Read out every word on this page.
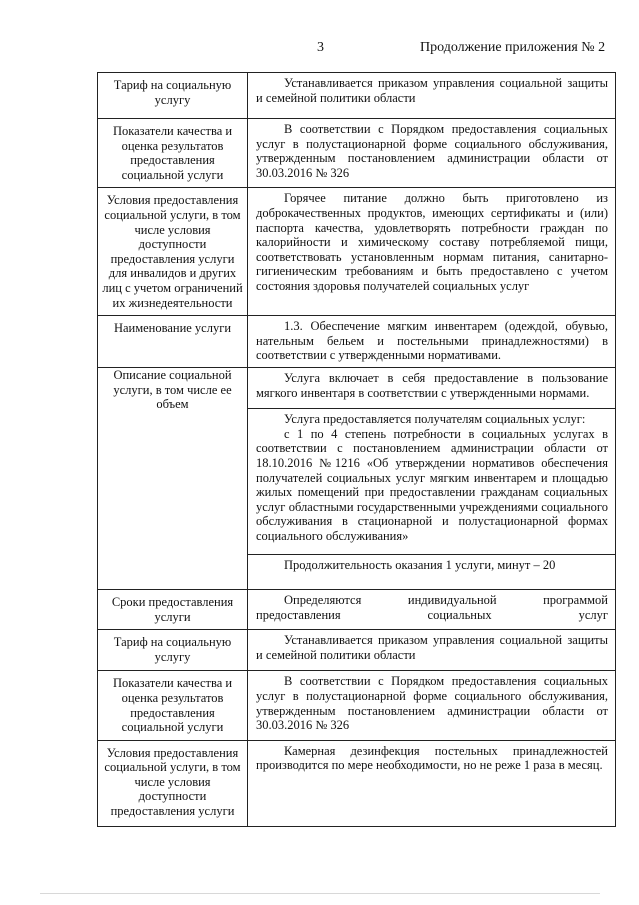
3	Продолжение приложения № 2
Тариф на социальную услугу	Устанавливается приказом управления социальной защиты и семейной политики области

Показатели качества и оценка результатов предоставления социальной услуги	В соответствии с Порядком предоставления социальных услуг в полустационарной форме социального обслуживания, утвержденным постановлением администрации области от 30.03.2016 № 326

Условия предоставления социальной услуги, в том числе условия доступности предоставления услуги для инвалидов и других лиц с учетом ограничений их жизнедеятельности	Горячее питание должно быть приготовлено из доброкачественных продуктов, имеющих сертификаты и (или) паспорта качества, удовлетворять потребности граждан по калорийности и химическому составу потребляемой пищи, соответствовать установленным нормам питания, санитарно-гигиеническим требованиям и быть предоставлено с учетом состояния здоровья получателей социальных услуг

Наименование услуги	1.3. Обеспечение мягким инвентарем (одеждой, обувью, нательным бельем и постельными принадлежностями) в соответствии с утвержденными нормативами.

Описание социальной услуги, в том числе ее объем	Услуга включает в себя предоставление в пользование мягкого инвентаря в соответствии с утвержденными нормами.

	Услуга предоставляется получателям социальных услуг:

с 1 по 4 степень потребности в социальных услугах в соответствии с постановлением администрации области от 18.10.2016 №1216 «Об утверждении нормативов обеспечения получателей социальных услуг мягким инвентарем и площадью жилых помещений при предоставлении гражданам социальных услуг областными государственными учреждениями социального обслуживания в стационарной и полустационарной формах социального обслуживания»

	Продолжительность оказания 1 услуги, минут – 20

Сроки предоставления услуги	Определяются индивидуальной программой предоставления социальных услуг

Тариф на социальную услугу	Устанавливается приказом управления социальной защиты и семейной политики области

Показатели качества и оценка результатов предоставления социальной услуги	В соответствии с Порядком предоставления социальных услуг в полустационарной форме социального обслуживания, утвержденным постановлением администрации области от 30.03.2016 № 326

Условия предоставления социальной услуги, в том числе условия доступности предоставления услуги	Камерная дезинфекция постельных принадлежностей производится по мере необходимости, но не реже 1 раза в месяц.
